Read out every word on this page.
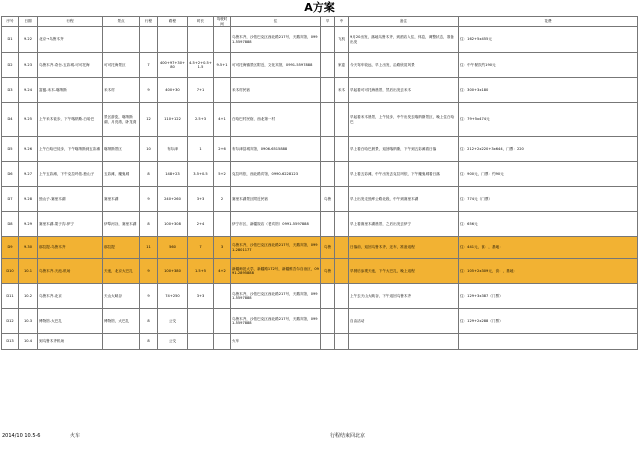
A方案
序号	日期	行程	景点	行程	路程	时长	驾驶时间	住	早	中	备注	花费
D1	9.22	北京→乌鲁木齐						乌鲁木齐，沙依巴克区西北路217号，天鹅宾馆，0991-5597888		飞机	9月20出发，落地乌鲁木齐，到酒店入住，休息，调整状态，准备出发	住：162+5x455元
D2	9.23	乌鲁木齐-奇台-五彩城-可可托海	可可托海景区	7	400+97+30+80	4.5+2+0.5+1.5	9.5+1	可可托海镇景区附近，文化宾馆，0991-5597888		家宴	今天驾车较远，早上出发，沿路欣赏风景	住：中午餐饮约190元
D3	9.24	富蕴-禾木-喀纳斯	禾木村	9	400+30	7+1		禾木村民宿		禾木	早起看可可托海晨景，然后出发去禾木	住：300+3x180
D4	9.25	上午禾木徒步，下午喀纳斯-白哈巴	景区游览，喀纳斯湖，月亮湾，卧龙湾	12	110+122	2.5+3	4+1	白哈巴村民宿，西北第一村			早起看禾木晨景，上午徒步，中午出发去喀纳斯景区，晚上住白哈巴	住：79+5x474元
D5	9.26	上午白哈巴徒步，下午喀纳斯到五彩滩	喀纳斯景区	10	布尔津	1	2+6	布尔津县城宾馆，0906-6515888			早上看白哈巴晨景，返回喀纳斯，下午到五彩滩看日落	住：212+2x220+3x644，门票：220
D6	9.27	上午五彩滩，下午克拉玛依-独山子	五彩滩，魔鬼城	8	148+23	3.5+0.5	5+2	克拉玛依，西北路宾馆，0990-6228123			早上看五彩滩，中午出发去克拉玛依，下午魔鬼城看日落	住：900元，门票：约90元
D7	9.28	独山子-赛里木湖	赛里木湖	9	240+260	3+3	2	赛里木湖景区附近民宿	乌鲁		早上出发走独库公路北段，中午到赛里木湖	住：774元（门票）
D8	9.29	赛里木湖-果子沟-伊宁	伊犁河谷，赛里木湖	8	100+308	2+4		伊宁市区，新疆饭店（老宾馆）0991-5597888			早上看赛里木湖晨景，之后出发去伊宁	住：656元
D9	9.30	那拉提-乌鲁木齐	那拉提	11	560	7	3	乌鲁木齐，沙依巴克区西北路217号，天鹅宾馆，0991-2801177	乌鲁		日落前，返回乌鲁木齐，还车，准备返程	住：441元，食：，基地：
D10	10.1	乌鲁木齐-天池-机场	天池，北京大巴扎	9	100+380	1.5+5	4+2	新疆师范大学，新疆路172号，新疆维吾尔自治区，0991-2895888	乌鲁		早餐后参观天池，下午大巴扎，晚上返程	住：105+2x309元，食：，基地：
D11	10.2	乌鲁木齐-北京	天山大峡谷	9	74+250	3+3		乌鲁木齐，沙依巴克区西北路217号，天鹅宾馆，0991-5597888			上午去天山大峡谷，下午返回乌鲁木齐	住：129+3x387（门票）
D12	10.3	博物馆-大巴扎	博物馆，大巴扎	8	公交			乌鲁木齐，沙依巴克区西北路217号，天鹅宾馆，0991-5597888			自由活动	住：129+2x288（门票）
D13	10.4	到乌鲁木齐机场		8	公交			火车				
2014/10 10.5-6	火车	行程结束回北京
